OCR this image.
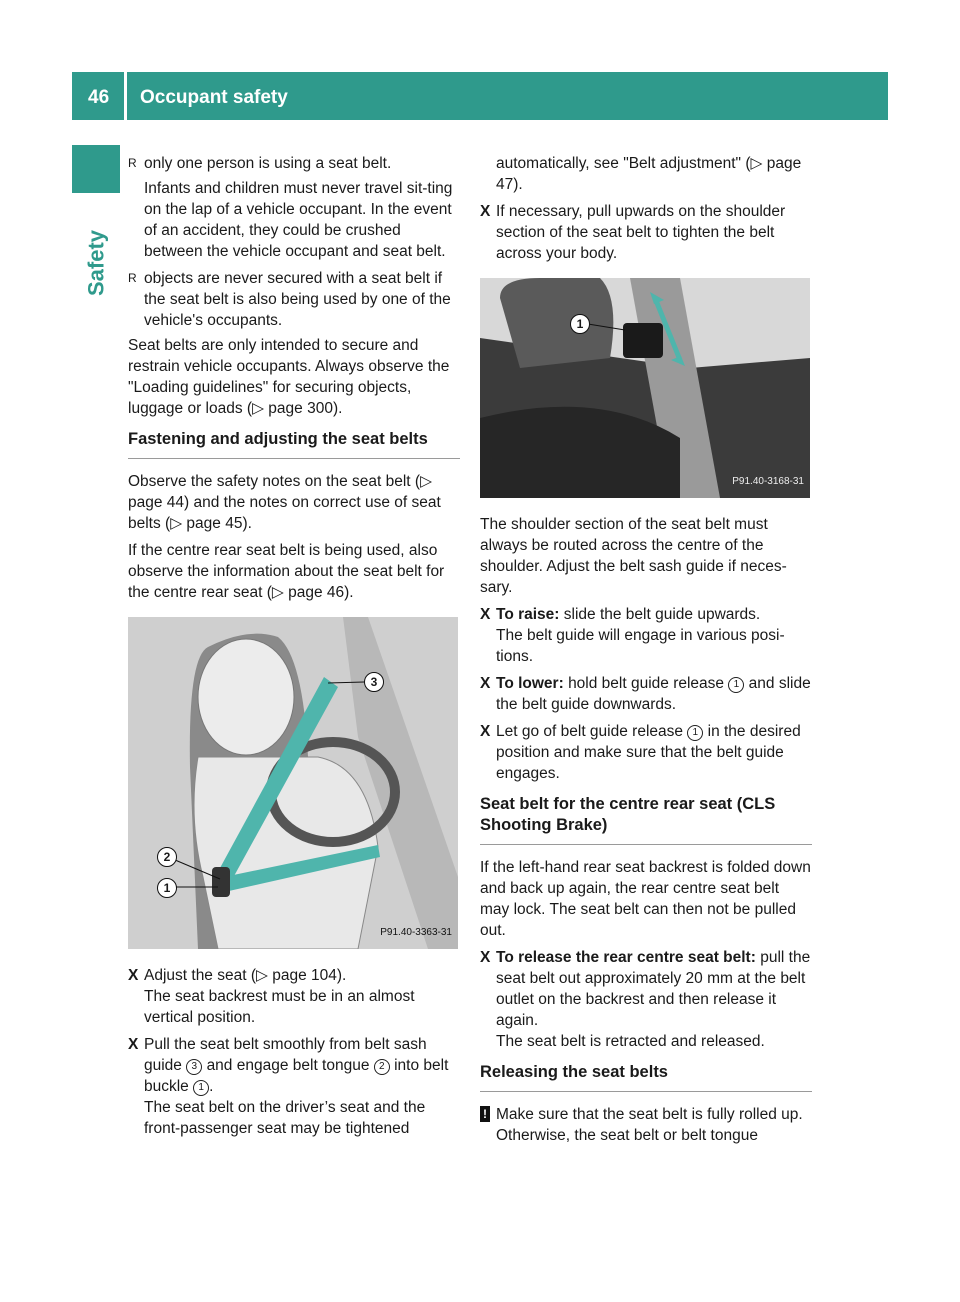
46 Occupant safety
Safety
R only one person is using a seat belt.

Infants and children must never travel sit-ting on the lap of a vehicle occupant. In the event of an accident, they could be crushed between the vehicle occupant and seat belt.

R objects are never secured with a seat belt if the seat belt is also being used by one of the vehicle's occupants.

Seat belts are only intended to secure and restrain vehicle occupants. Always observe the "Loading guidelines" for securing objects, luggage or loads (▷ page 300).

Fastening and adjusting the seat belts

Observe the safety notes on the seat belt (▷ page 44) and the notes on correct use of seat belts (▷ page 45).

If the centre rear seat belt is being used, also observe the information about the seat belt for the centre rear seat (▷ page 46).

1
2
3
P91.40-3363-31
X Adjust the seat (▷ page 104).
The seat backrest must be in an almost vertical position.
X Pull the seat belt smoothly from belt sash guide 3 and engage belt tongue 2 into belt buckle 1 .
The seat belt on the driver’s seat and the front-passenger seat may be tightened

automatically, see "Belt adjustment" (▷ page 47).

X If necessary, pull upwards on the shoulder section of the seat belt to tighten the belt across your body.
1
P91.40-3168-31

The shoulder section of the seat belt must always be routed across the centre of the shoulder. Adjust the belt sash guide if neces-sary.

X To raise: slide the belt guide upwards.
The belt guide will engage in various posi-tions.
X To lower: hold belt guide release 1 and slide the belt guide downwards.
X Let go of belt guide release 1 in the desired position and make sure that the belt guide engages.
Seat belt for the centre rear seat (CLS Shooting Brake)

If the left-hand rear seat backrest is folded down and back up again, the rear centre seat belt may lock. The seat belt can then not be pulled out.

X To release the rear centre seat belt: pull the seat belt out approximately 20 mm at the belt outlet on the backrest and then release it again.
The seat belt is retracted and released.
Releasing the seat belts
! Make sure that the seat belt is fully rolled up. Otherwise, the seat belt or belt tongue
